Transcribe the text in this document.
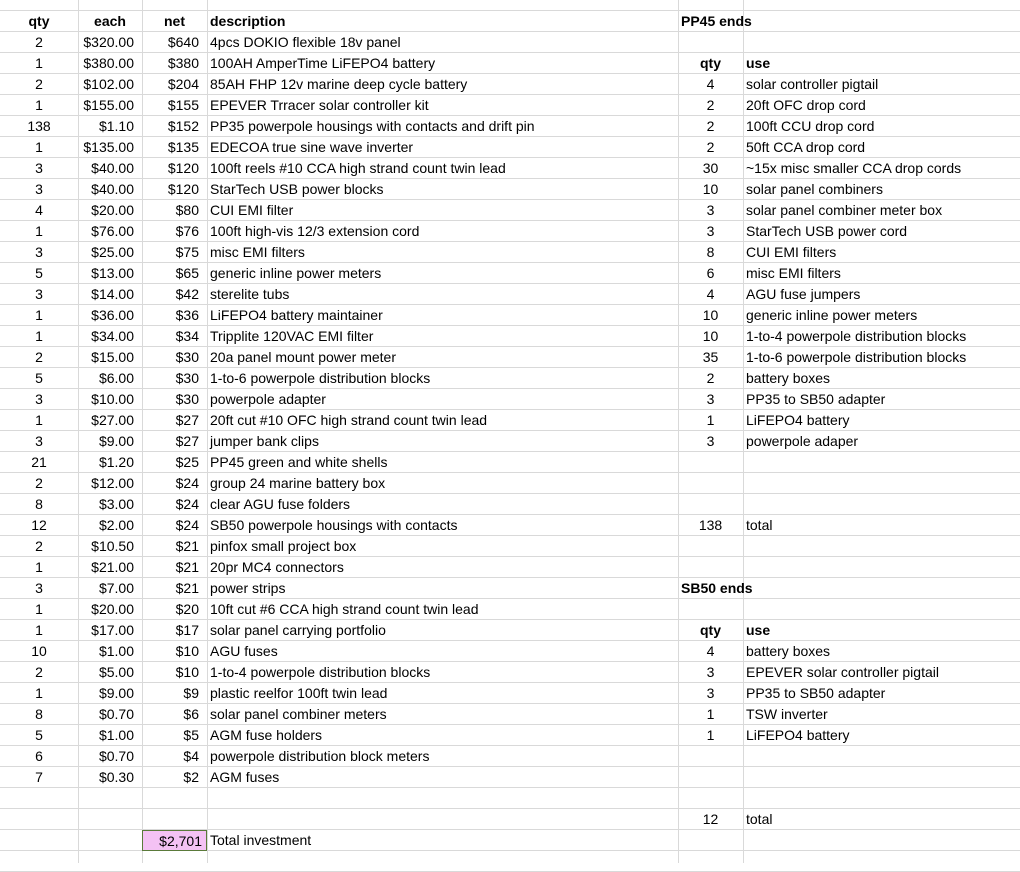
qty	each	net	description
2	$320.00	$640 4pcs DOKIO flexible 18v panel
1	$380.00	$380 100AH AmperTime LiFEPO4 battery
2	$102.00	$204 85AH FHP 12v marine deep cycle battery
1	$155.00	$155 EPEVER Trracer solar controller kit
138	$1.10	$152 PP35 powerpole housings with contacts and drift pin
1	$135.00	$135 EDECOA true sine wave inverter
3	$40.00	$120 100ft reels #10 CCA high strand count twin lead
3	$40.00	$120 StarTech USB power blocks
4	$20.00	$80 CUI EMI filter
1	$76.00	$76 100ft high-vis 12/3 extension cord
3	$25.00	$75 misc EMI filters
5	$13.00	$65 generic inline power meters
3	$14.00	$42 sterelite tubs
1	$36.00	$36 LiFEPO4 battery maintainer
1	$34.00	$34 Tripplite 120VAC EMI filter
2	$15.00	$30 20a panel mount power meter
5	$6.00	$30 1-to-6 powerpole distribution blocks
3	$10.00	$30 powerpole adapter
1	$27.00	$27 20ft cut #10 OFC high strand count twin lead
3	$9.00	$27 jumper bank clips
21	$1.20	$25 PP45 green and white shells
2	$12.00	$24 group 24 marine battery box
8	$3.00	$24 clear AGU fuse folders
12	$2.00	$24 SB50 powerpole housings with contacts
2	$10.50	$21 pinfox small project box
1	$21.00	$21 20pr MC4 connectors
3	$7.00	$21 power strips
1	$20.00	$20 10ft cut #6 CCA high strand count twin lead
1	$17.00	$17 solar panel carrying portfolio
10	$1.00	$10 AGU fuses
2	$5.00	$10 1-to-4 powerpole distribution blocks
1	$9.00	$9 plastic reelfor 100ft twin lead
8	$0.70	$6 solar panel combiner meters
5	$1.00	$5 AGM fuse holders
6	$0.70	$4 powerpole distribution block meters
7	$0.30	$2 AGM fuses
$2,701 Total investment
PP45 ends
qty	use
4	solar controller pigtail
2	20ft OFC drop cord
2	100ft CCU drop cord
2	50ft CCA drop cord
30	~15x misc smaller CCA drop cords
10	solar panel combiners
3	solar panel combiner meter box
3	StarTech USB power cord
8	CUI EMI filters
6	misc EMI filters
4	AGU fuse jumpers
10	generic inline power meters
10	1-to-4 powerpole distribution blocks
35	1-to-6 powerpole distribution blocks
2	battery boxes
3	PP35 to SB50 adapter
1	LiFEPO4 battery
3	powerpole adaper
138	total
SB50 ends
qty	use
4	battery boxes
3	EPEVER solar controller pigtail
3	PP35 to SB50 adapter
1	TSW inverter
1	LiFEPO4 battery
12	total
